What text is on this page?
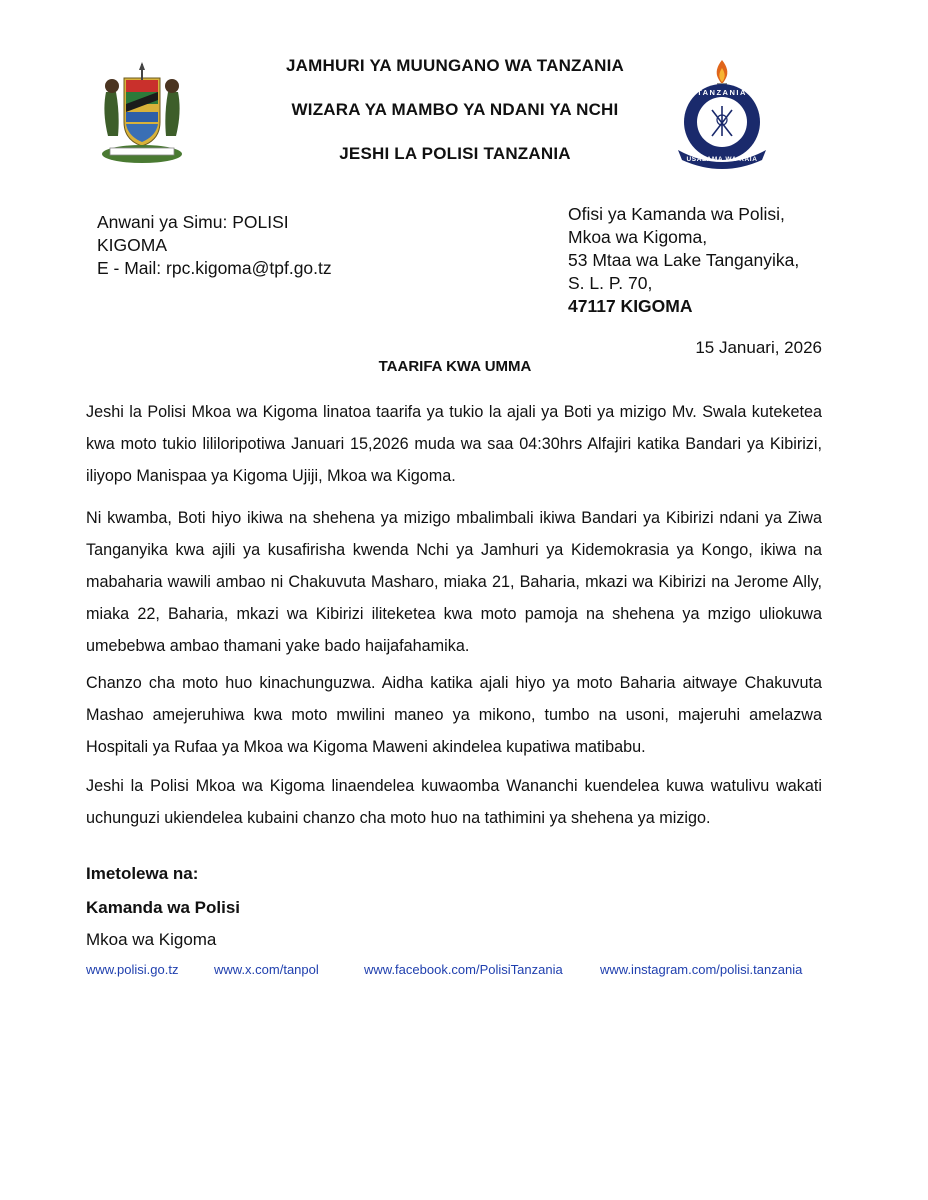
JAMHURI YA MUUNGANO WA TANZANIA
WIZARA YA MAMBO YA NDANI YA NCHI
JESHI LA POLISI TANZANIA
TANZANIA
POLISI
USALAMA WA RAIA
Anwani ya Simu: POLISI
KIGOMA
E - Mail: rpc.kigoma@tpf.go.tz
Ofisi ya Kamanda wa Polisi,
Mkoa wa Kigoma,
53 Mtaa wa Lake Tanganyika,
S. L. P. 70,
47117 KIGOMA
15 Januari, 2026
TAARIFA KWA UMMA
Jeshi la Polisi Mkoa wa Kigoma linatoa taarifa ya tukio la ajali ya Boti ya mizigo Mv. Swala kuteketea kwa moto tukio lililoripotiwa Januari 15,2026 muda wa saa 04:30hrs Alfajiri katika Bandari ya Kibirizi, iliyopo Manispaa ya Kigoma Ujiji, Mkoa wa Kigoma.
Ni kwamba, Boti hiyo ikiwa na shehena ya mizigo mbalimbali ikiwa Bandari ya Kibirizi ndani ya Ziwa Tanganyika kwa ajili ya kusafirisha kwenda Nchi ya Jamhuri ya Kidemokrasia ya Kongo, ikiwa na mabaharia wawili ambao ni Chakuvuta Masharo, miaka 21, Baharia, mkazi wa Kibirizi na Jerome Ally, miaka 22, Baharia, mkazi wa Kibirizi iliteketea kwa moto pamoja na shehena ya mzigo uliokuwa umebebwa ambao thamani yake bado haijafahamika.
Chanzo cha moto huo kinachunguzwa. Aidha katika ajali hiyo ya moto Baharia aitwaye Chakuvuta Mashao amejeruhiwa kwa moto mwilini maneo ya mikono, tumbo na usoni, majeruhi amelazwa Hospitali ya Rufaa ya Mkoa wa Kigoma Maweni akindelea kupatiwa matibabu.
Jeshi la Polisi Mkoa wa Kigoma linaendelea kuwaomba Wananchi kuendelea kuwa watulivu wakati uchunguzi ukiendelea kubaini chanzo cha moto huo na tathimini ya shehena ya mizigo.
Imetolewa na:
Kamanda wa Polisi
Mkoa wa Kigoma
www.polisi.go.tz	www.x.com/tanpol	www.facebook.com/PolisiTanzania	www.instagram.com/polisi.tanzania
